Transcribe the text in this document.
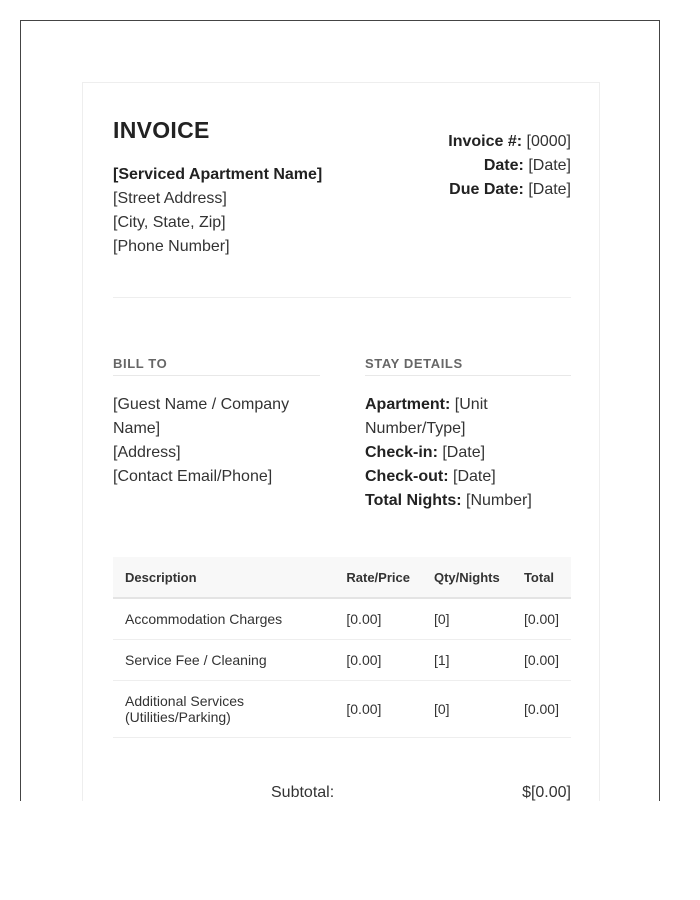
INVOICE
[Serviced Apartment Name]
[Street Address]
[City, State, Zip]
[Phone Number]
Invoice #: [0000]
Date: [Date]
Due Date: [Date]
BILL TO
[Guest Name / Company
Name]
[Address]
[Contact Email/Phone]
STAY DETAILS
Apartment: [Unit
Number/Type]
Check-in: [Date]
Check-out: [Date]
Total Nights: [Number]
Description	Rate/Price	Qty/Nights	Total
Accommodation Charges	[0.00]	[0]	[0.00]
Service Fee / Cleaning	[0.00]	[1]	[0.00]

Additional Services
(Utilities/Parking)	[0.00]	[0]	[0.00]
Subtotal:	$[0.00]
